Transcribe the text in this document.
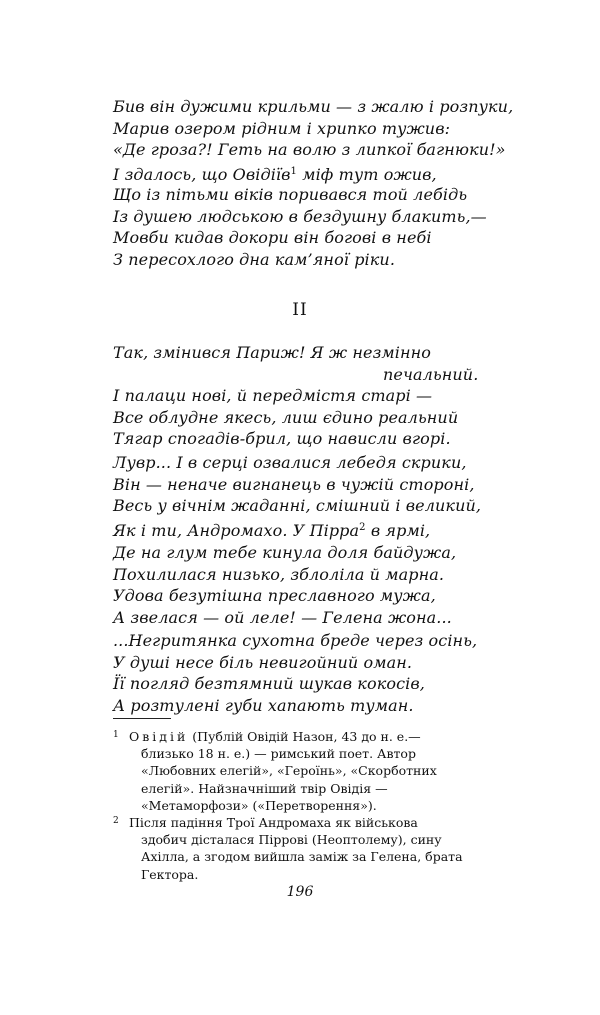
Бив він дужими крильми — з жалю і розпуки,
Марив озером рідним і хрипко тужив:
«Де гроза?! Геть на волю з липкої багнюки!»
І здалось, що Овідіїв$^1$ міф тут ожив,
Що із пітьми віків поривався той лебідь
Із душею людською в бездушну блакить,—
Мовби кидав докори він богові в небі
З пересохлого дна кам’яної ріки.
II
Так, змінився Париж! Я ж незмінно
печальний.
І палаци нові, й передмістя старі —
Все облудне якесь, лиш єдино реальний
Тягар спогадів-брил, що нависли вгорі.
Лувр... І в серці озвалися лебедя скрики,
Він — неначе вигнанець в чужій стороні,
Весь у вічнім жаданні, смішний і великий,
Як і ти, Андромахо. У Пірра$^2$ в ярмі,
Де на глум тебе кинула доля байдужа,
Похилилася низько, зблоліла й марна.
Удова безутішна преславного мужа,
А звелася — ой леле! — Гелена жона...
...Негритянка сухотна бреде через осінь,
У душі несе біль невигойний оман.
Її погляд безтямний шукав кокосів,
А розтулені губи хапають туман.
1 Овідій (Публій Овідій Назон, 43 до н. е.—
близько 18 н. е.) — римський поет. Автор
«Любовних елегій», «Героїнь», «Скорботних
елегій». Найзначніший твір Овідія —
«Метаморфози» («Перетворення»).
2 Після падіння Трої Андромаха як військова
здобич дісталася Піррові (Неоптолему), сину
Ахілла, а згодом вийшла заміж за Гелена, брата
Гектора.
196
